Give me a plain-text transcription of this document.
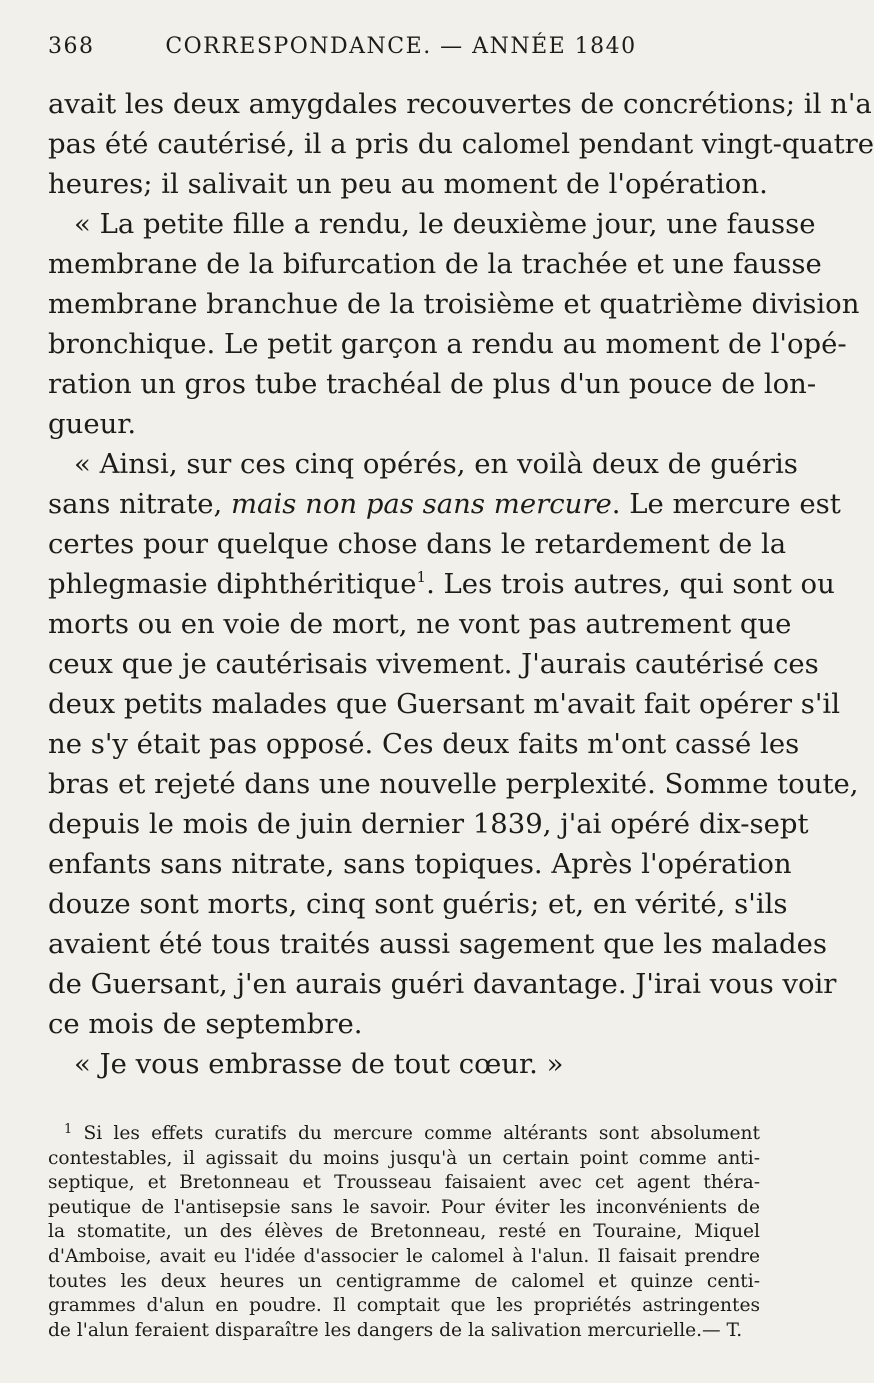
368	CORRESPONDANCE. — ANNÉE 1840
avait les deux amygdales recouvertes de concrétions; il n'a
pas été cautérisé, il a pris du calomel pendant vingt-quatre
heures; il salivait un peu au moment de l'opération.
« La petite fille a rendu, le deuxième jour, une fausse
membrane de la bifurcation de la trachée et une fausse
membrane branchue de la troisième et quatrième division
bronchique. Le petit garçon a rendu au moment de l'opé-
ration un gros tube trachéal de plus d'un pouce de lon-
gueur.
« Ainsi, sur ces cinq opérés, en voilà deux de guéris
sans nitrate, mais non pas sans mercure. Le mercure est
certes pour quelque chose dans le retardement de la
phlegmasie diphthéritique$^1$. Les trois autres, qui sont ou
morts ou en voie de mort, ne vont pas autrement que
ceux que je cautérisais vivement. J'aurais cautérisé ces
deux petits malades que Guersant m'avait fait opérer s'il
ne s'y était pas opposé. Ces deux faits m'ont cassé les
bras et rejeté dans une nouvelle perplexité. Somme toute,
depuis le mois de juin dernier 1839, j'ai opéré dix-sept
enfants sans nitrate, sans topiques. Après l'opération
douze sont morts, cinq sont guéris; et, en vérité, s'ils
avaient été tous traités aussi sagement que les malades
de Guersant, j'en aurais guéri davantage. J'irai vous voir
ce mois de septembre.
« Je vous embrasse de tout cœur. »
$^1$ Si les effets curatifs du mercure comme altérants sont absolument
contestables, il agissait du moins jusqu'à un certain point comme anti-
septique, et Bretonneau et Trousseau faisaient avec cet agent théra-
peutique de l'antisepsie sans le savoir. Pour éviter les inconvénients de
la stomatite, un des élèves de Bretonneau, resté en Touraine, Miquel
d'Amboise, avait eu l'idée d'associer le calomel à l'alun. Il faisait prendre
toutes les deux heures un centigramme de calomel et quinze centi-
grammes d'alun en poudre. Il comptait que les propriétés astringentes
de l'alun feraient disparaître les dangers de la salivation mercurielle.— T.
